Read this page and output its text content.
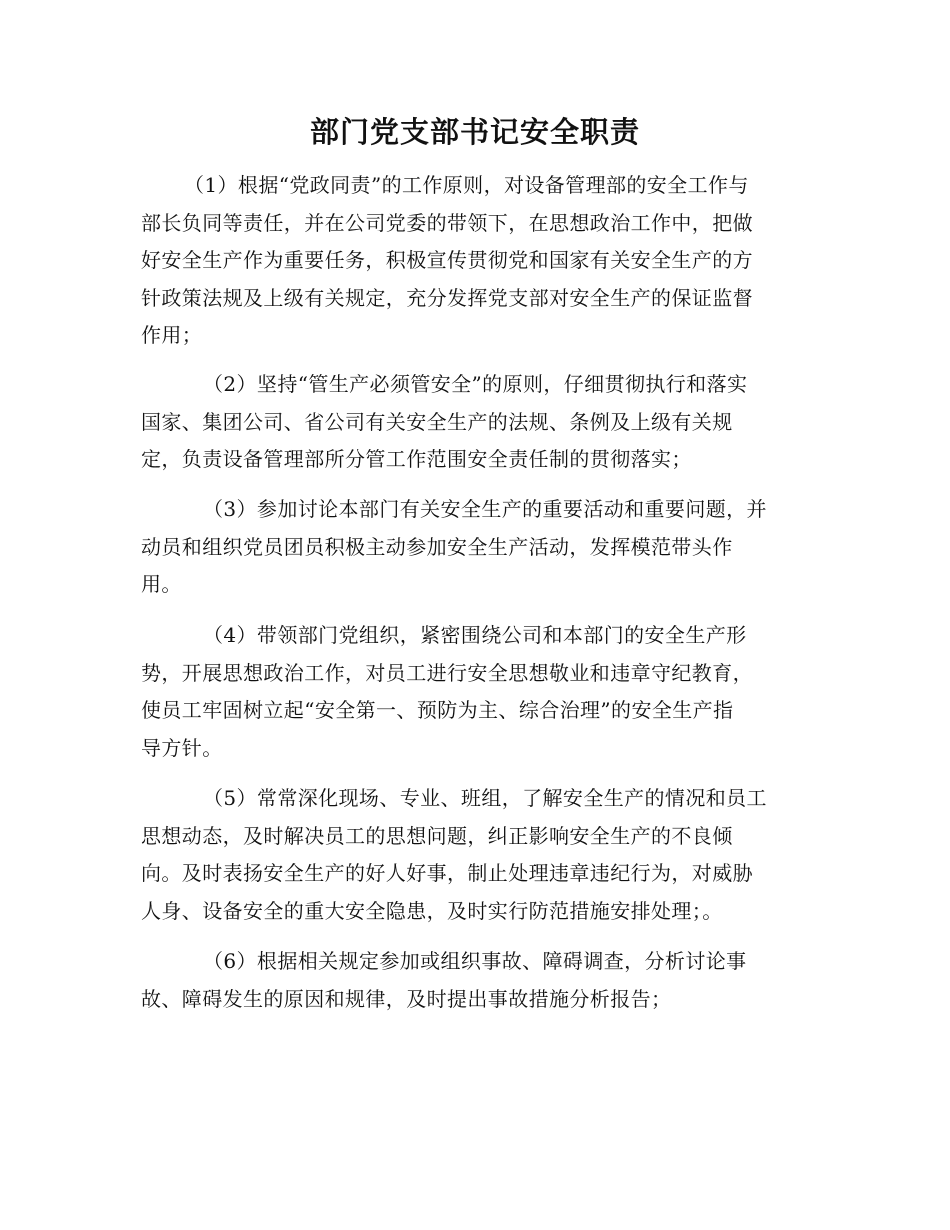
部门党支部书记安全职责

（1）根据“党政同责”的工作原则，对设备管理部的安全工作与
部长负同等责任，并在公司党委的带领下，在思想政治工作中，把做
好安全生产作为重要任务，积极宣传贯彻党和国家有关安全生产的方
针政策法规及上级有关规定，充分发挥党支部对安全生产的保证监督
作用；

（2）坚持“管生产必须管安全”的原则，仔细贯彻执行和落实
国家、集团公司、省公司有关安全生产的法规、条例及上级有关规
定，负责设备管理部所分管工作范围安全责任制的贯彻落实；

（3）参加讨论本部门有关安全生产的重要活动和重要问题，并
动员和组织党员团员积极主动参加安全生产活动，发挥模范带头作
用。

（4）带领部门党组织，紧密围绕公司和本部门的安全生产形
势，开展思想政治工作，对员工进行安全思想敬业和违章守纪教育，
使员工牢固树立起“安全第一、预防为主、综合治理”的安全生产指
导方针。

（5）常常深化现场、专业、班组，了解安全生产的情况和员工
思想动态，及时解决员工的思想问题，纠正影响安全生产的不良倾
向。及时表扬安全生产的好人好事，制止处理违章违纪行为，对威胁
人身、设备安全的重大安全隐患，及时实行防范措施安排处理；。

（6）根据相关规定参加或组织事故、障碍调查，分析讨论事
故、障碍发生的原因和规律，及时提出事故措施分析报告；
